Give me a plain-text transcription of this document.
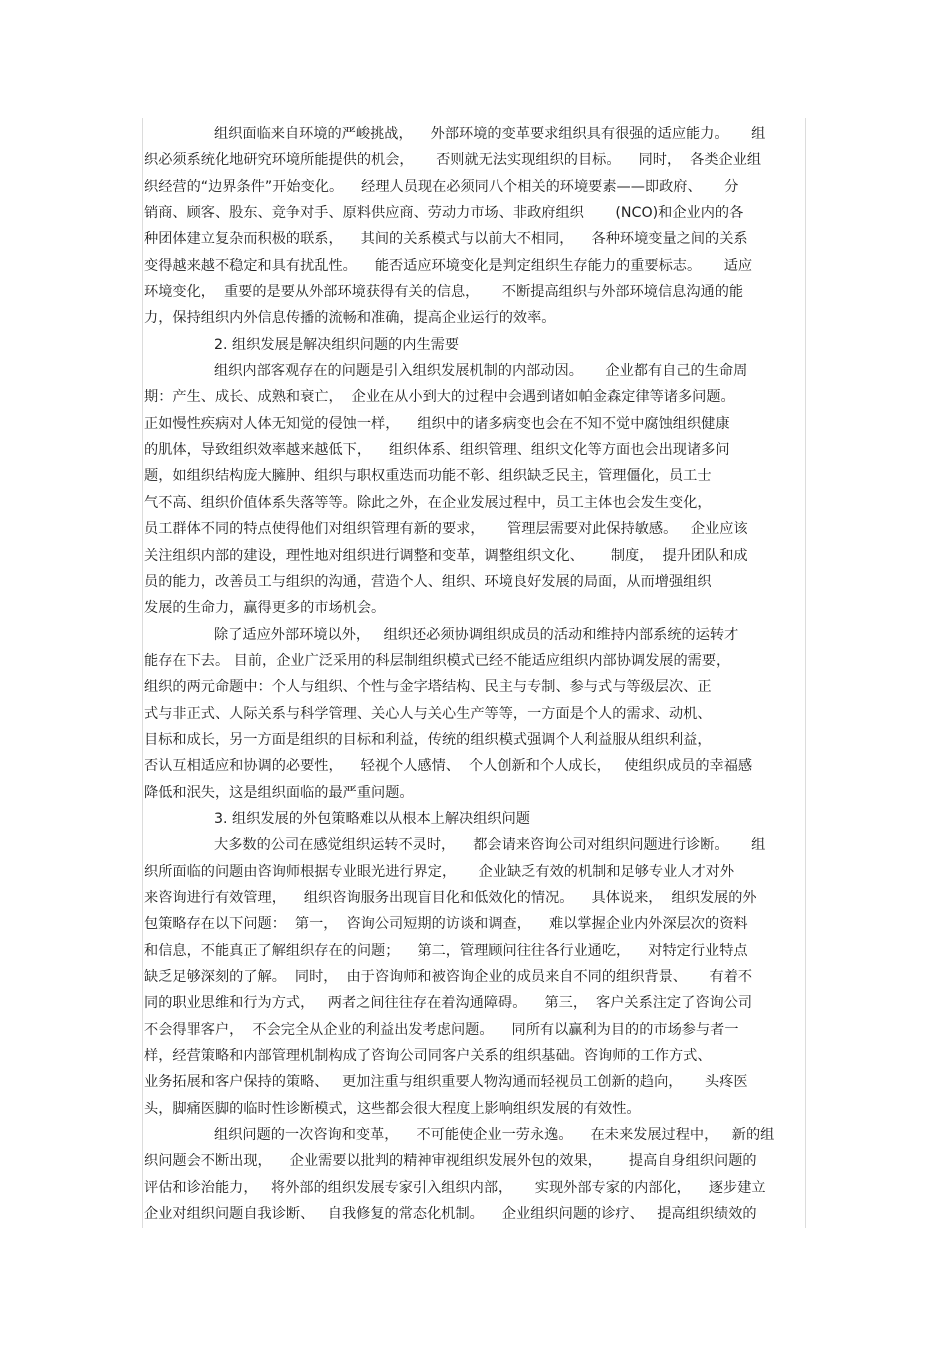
组织面临来自环境的严峻挑战，    外部环境的变革要求组织具有很强的适应能力。     组
织必须系统化地研究环境所能提供的机会，     否则就无法实现组织的目标。    同时，  各类企业组
织经营的“边界条件”开始变化。    经理人员现在必须同八个相关的环境要素——即政府、     分
销商、顾客、股东、竞争对手、原料供应商、劳动力市场、非政府组织       (NCO)和企业内的各
种团体建立复杂而积极的联系，    其间的关系模式与以前大不相同，    各种环境变量之间的关系
变得越来越不稳定和具有扰乱性。    能否适应环境变化是判定组织生存能力的重要标志。     适应
环境变化，  重要的是要从外部环境获得有关的信息，     不断提高组织与外部环境信息沟通的能
力，保持组织内外信息传播的流畅和准确，提高企业运行的效率。
2. 组织发展是解决组织问题的内生需要
组织内部客观存在的问题是引入组织发展机制的内部动因。     企业都有自己的生命周
期：产生、成长、成熟和衰亡，  企业在从小到大的过程中会遇到诸如帕金森定律等诸多问题。
正如慢性疾病对人体无知觉的侵蚀一样，    组织中的诸多病变也会在不知不觉中腐蚀组织健康
的肌体，导致组织效率越来越低下，    组织体系、组织管理、组织文化等方面也会出现诸多问
题，如组织结构庞大臃肿、组织与职权重迭而功能不彰、组织缺乏民主，管理僵化，员工士
气不高、组织价值体系失落等等。除此之外，在企业发展过程中，员工主体也会发生变化，
员工群体不同的特点使得他们对组织管理有新的要求，     管理层需要对此保持敏感。   企业应该
关注组织内部的建设，理性地对组织进行调整和变革，调整组织文化、      制度，  提升团队和成
员的能力，改善员工与组织的沟通，营造个人、组织、环境良好发展的局面，从而增强组织
发展的生命力，赢得更多的市场机会。
除了适应外部环境以外，   组织还必须协调组织成员的活动和维持内部系统的运转才
能存在下去。 目前，企业广泛采用的科层制组织模式已经不能适应组织内部协调发展的需要，
组织的两元命题中：个人与组织、个性与金字塔结构、民主与专制、参与式与等级层次、正
式与非正式、人际关系与科学管理、关心人与关心生产等等，一方面是个人的需求、动机、
目标和成长，另一方面是组织的目标和利益，传统的组织模式强调个人利益服从组织利益，
否认互相适应和协调的必要性，    轻视个人感情、  个人创新和个人成长，   使组织成员的幸福感
降低和泯失，这是组织面临的最严重问题。
3. 组织发展的外包策略难以从根本上解决组织问题
大多数的公司在感觉组织运转不灵时，    都会请来咨询公司对组织问题进行诊断。     组
织所面临的问题由咨询师根据专业眼光进行界定，     企业缺乏有效的机制和足够专业人才对外
来咨询进行有效管理，    组织咨询服务出现盲目化和低效化的情况。    具体说来，  组织发展的外
包策略存在以下问题：  第一，  咨询公司短期的访谈和调查，    难以掌握企业内外深层次的资料
和信息，不能真正了解组织存在的问题；    第二，管理顾问往往各行业通吃，    对特定行业特点
缺乏足够深刻的了解。  同时，  由于咨询师和被咨询企业的成员来自不同的组织背景、     有着不
同的职业思维和行为方式，   两者之间往往存在着沟通障碍。    第三，  客户关系注定了咨询公司
不会得罪客户，  不会完全从企业的利益出发考虑问题。    同所有以赢利为目的的市场参与者一
样，经营策略和内部管理机制构成了咨询公司同客户关系的组织基础。咨询师的工作方式、
业务拓展和客户保持的策略、   更加注重与组织重要人物沟通而轻视员工创新的趋向，     头疼医
头，脚痛医脚的临时性诊断模式，这些都会很大程度上影响组织发展的有效性。
组织问题的一次咨询和变革，    不可能使企业一劳永逸。    在未来发展过程中，   新的组
织问题会不断出现，    企业需要以批判的精神审视组织发展外包的效果，      提高自身组织问题的
评估和诊治能力，   将外部的组织发展专家引入组织内部，     实现外部专家的内部化，    逐步建立
企业对组织问题自我诊断、   自我修复的常态化机制。    企业组织问题的诊疗、   提高组织绩效的
